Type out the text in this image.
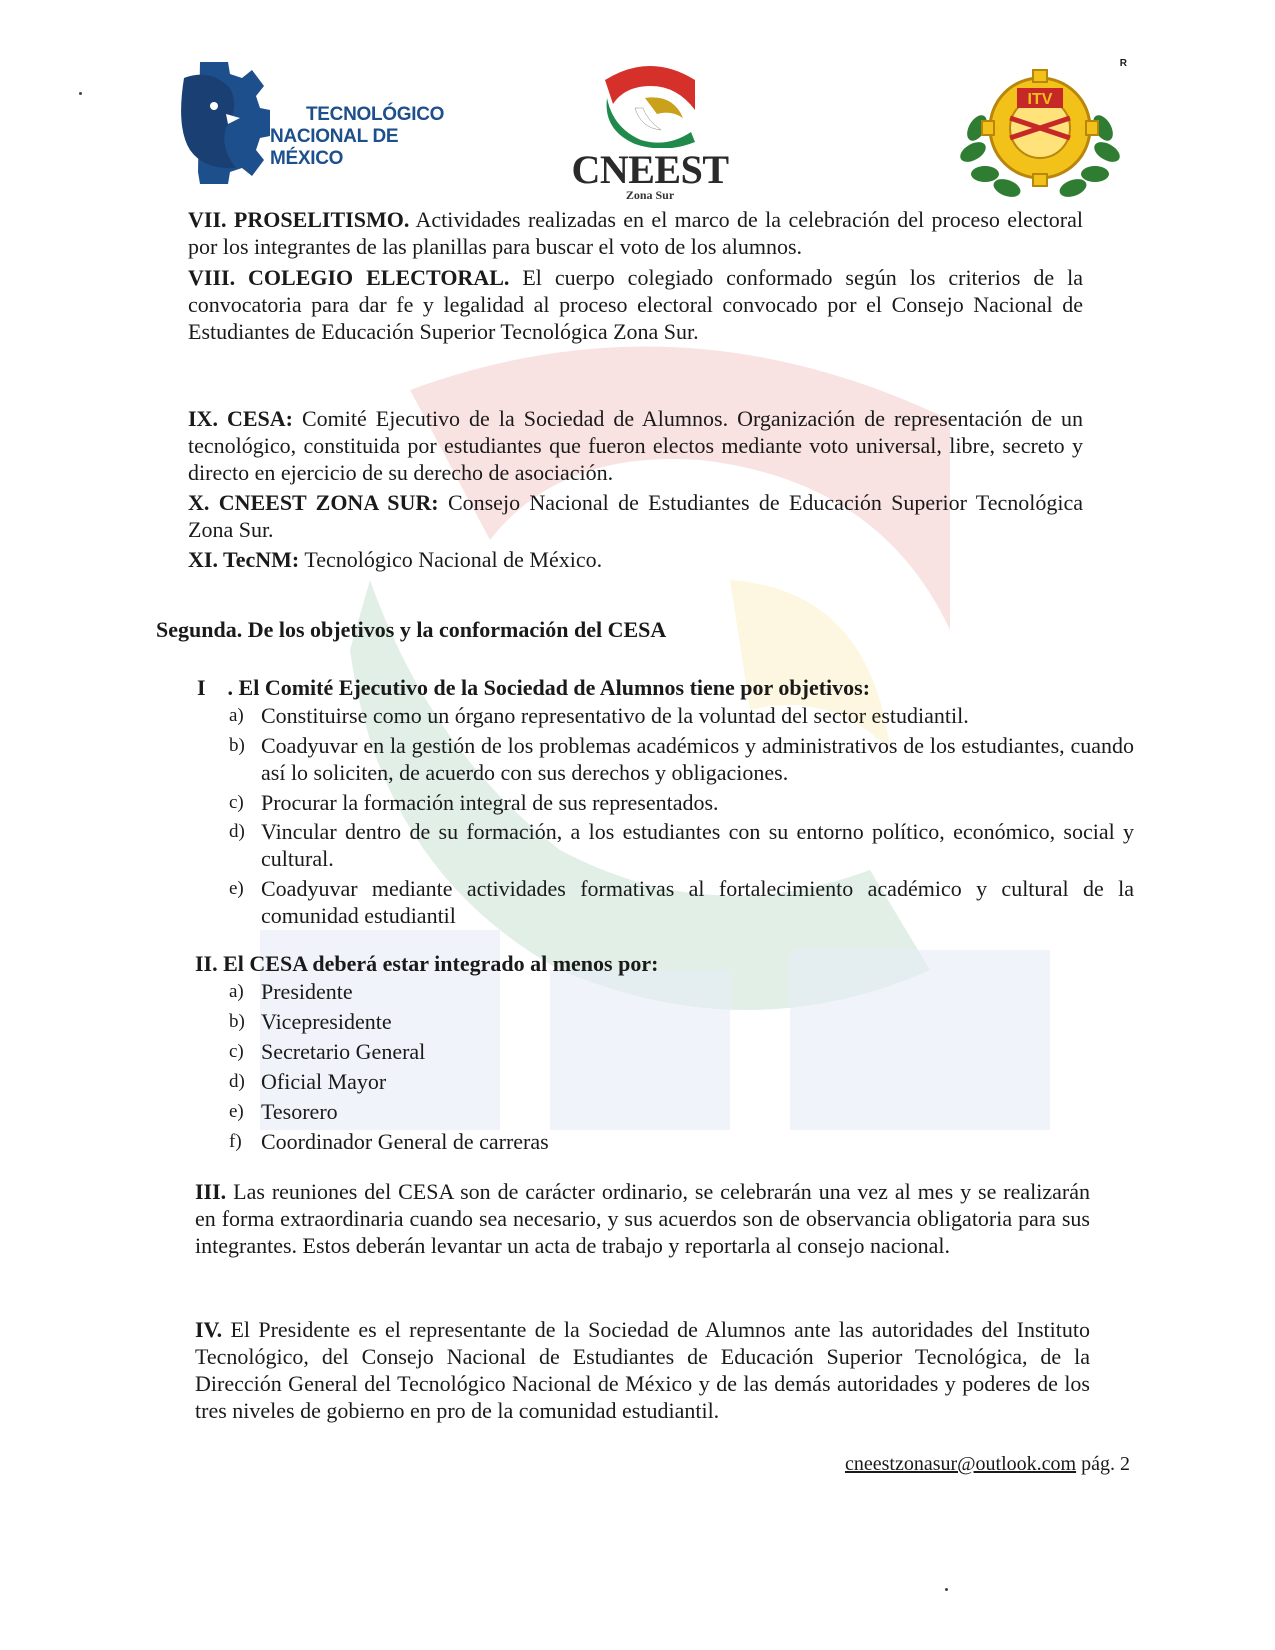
TECNOLÓGICO
NACIONAL DE MÉXICO	CNEEST
Zona Sur
ITV
R
VII. PROSELITISMO. Actividades realizadas en el marco de la celebración del proceso electoral por los integrantes de las planillas para buscar el voto de los alumnos.
VIII. COLEGIO ELECTORAL. El cuerpo colegiado conformado según los criterios de la convocatoria para dar fe y legalidad al proceso electoral convocado por el Consejo Nacional de Estudiantes de Educación Superior Tecnológica Zona Sur.
IX. CESA: Comité Ejecutivo de la Sociedad de Alumnos. Organización de representación de un tecnológico, constituida por estudiantes que fueron electos mediante voto universal, libre, secreto y directo en ejercicio de su derecho de asociación.
X. CNEEST ZONA SUR: Consejo Nacional de Estudiantes de Educación Superior Tecnológica Zona Sur.
XI. TecNM: Tecnológico Nacional de México.
Segunda. De los objetivos y la conformación del CESA
I    . El Comité Ejecutivo de la Sociedad de Alumnos tiene por objetivos:
a) Constituirse como un órgano representativo de la voluntad del sector estudiantil.
b) Coadyuvar en la gestión de los problemas académicos y administrativos de los estudiantes, cuando así lo soliciten, de acuerdo con sus derechos y obligaciones.
c) Procurar la formación integral de sus representados.
d) Vincular dentro de su formación, a los estudiantes con su entorno político, económico, social y cultural.
e) Coadyuvar mediante actividades formativas al fortalecimiento académico y cultural de la comunidad estudiantil
II. El CESA deberá estar integrado al menos por:
a) Presidente
b) Vicepresidente
c) Secretario General
d) Oficial Mayor
e) Tesorero
f) Coordinador General de carreras
III. Las reuniones del CESA son de carácter ordinario, se celebrarán una vez al mes y se realizarán en forma extraordinaria cuando sea necesario, y sus acuerdos son de observancia obligatoria para sus integrantes. Estos deberán levantar un acta de trabajo y reportarla al consejo nacional.
IV. El Presidente es el representante de la Sociedad de Alumnos ante las autoridades del Instituto Tecnológico, del Consejo Nacional de Estudiantes de Educación Superior Tecnológica, de la Dirección General del Tecnológico Nacional de México y de las demás autoridades y poderes de los tres niveles de gobierno en pro de la comunidad estudiantil.
cneestzonasur@outlook.com pág. 2
